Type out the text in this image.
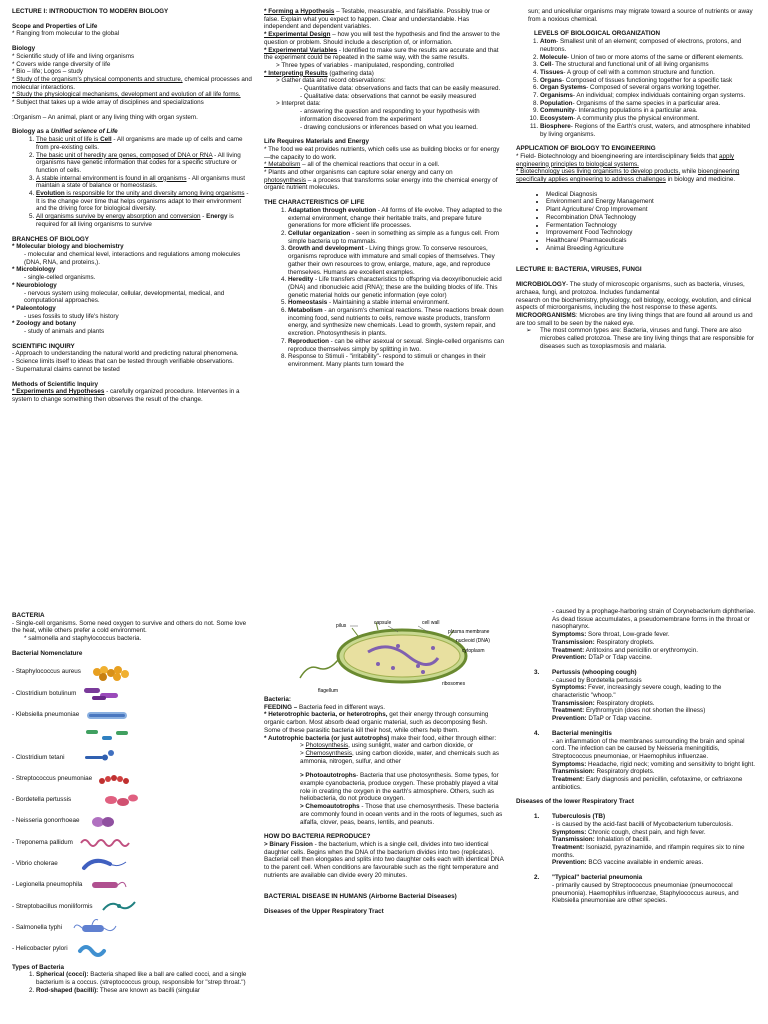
LECTURE I: INTRODUCTION TO MODERN BIOLOGY

Scope and Properties of Life

* Ranging from molecular to the global

Biology

* Scientific study of life and living organisms

* Covers wide range diversity of life

* Bio – life; Logos – study

* Study of the organism's physical components and structure, chemical processes and molecular interactions.

* Study the physiological mechanisms, development and evolution of all life forms.

* Subject that takes up a wide array of disciplines and specializations

:Organism – An animal, plant or any living thing with organ system.

Biology as a Unified science of Life

1. The basic unit of life is Cell - All organisms are made up of cells and came from pre-existing cells.
2. The basic unit of heredity are genes, composed of DNA or RNA - All living organisms have genetic information that codes for a specific structure or function of cells.
3. A stable internal environment is found in all organisms - All organisms must maintain a state of balance or homeostasis.
4. Evolution is responsible for the unity and diversity among living organisms - It is the change over time that helps organisms adapt to their environment and the driving force for biological diversity.
5. All organisms survive by energy absorption and conversion - Energy is required for all living organisms to survive

BRANCHES OF BIOLOGY

* Molecular biology and biochemistry

- molecular and chemical level, interactions and regulations among molecules (DNA, RNA, and proteins,).

* Microbiology

- single-celled organisms.

* Neurobiology

- nervous system using molecular, cellular, developmental, medical, and computational approaches.

* Paleontology

- uses fossils to study life's history

* Zoology and botany

- study of animals and plants

SCIENTIFIC INQUIRY

- Approach to understanding the natural world and predicting natural phenomena.

- Science limits itself to ideas that can be tested through verifiable observations.

- Supernatural claims cannot be tested

Methods of Scientific Inquiry

* Experiments and Hypotheses - carefully organized procedure. Interventes in a system to change something then observes the result of the change.

* Forming a Hypothesis – Testable, measurable, and falsifiable. Possibly true or false. Explain what you expect to happen. Clear and understandable. Has independent and dependent variables.

* Experimental Design – how you will test the hypothesis and find the answer to the question or problem. Should include a description of, or information.

* Experimental Variables - Identified to make sure the results are accurate and that the experiment could be repeated in the same way, with the same results.

> Three types of variables - manipulated, responding, controlled

* Interpreting Results (gathering data)

> Gather data and record observations:

- Quantitative data: observations and facts that can be easily measured.

- Qualitative data: observations that cannot be easily measured

> Interpret data:

- answering the question and responding to your hypothesis with information discovered from the experiment

- drawing conclusions or inferences based on what you learned.

Life Requires Materials and Energy

* The food we eat provides nutrients, which cells use as building blocks or for energy—the capacity to do work.

* Metabolism – all of the chemical reactions that occur in a cell.

* Plants and other organisms can capture solar energy and carry on

photosynthesis – a process that transforms solar energy into the chemical energy of organic nutrient molecules.

THE CHARACTERISTICS OF LIFE

1. Adaptation through evolution - All forms of life evolve. They adapted to the external environment, change their heritable traits, and prepare future generations for more efficient life processes.
2. Cellular organization - seen in something as simple as a fungus cell. From simple bacteria up to mammals.
3. Growth and development - Living things grow. To conserve resources, organisms reproduce with immature and small copies of themselves. They gather their own resources to grow, enlarge, mature, age, and reproduce themselves. Humans are excellent examples.
4. Heredity - Life transfers characteristics to offspring via deoxyribonucleic acid (DNA) and ribonucleic acid (RNA); these are the building blocks of life. This genetic material holds our genetic information (eye color)
5. Homeostasis - Maintaining a stable internal environment.
6. Metabolism - an organism's chemical reactions. These reactions break down incoming food, send nutrients to cells, remove waste products, transform energy, and synthesize new chemicals. Lead to growth, system repair, and excretion. Photosynthesis in plants.
7. Reproduction - can be either asexual or sexual. Single-celled organisms can reproduce themselves simply by splitting in two.
8. Response to Stimuli - "irritability"- respond to stimuli or changes in their environment. Many plants turn toward the

sun; and unicellular organisms may migrate toward a source of nutrients or away from a noxious chemical.

LEVELS OF BIOLOGICAL ORGANIZATION

1. Atom- Smallest unit of an element; composed of electrons, protons, and neutrons.
2. Molecule- Union of two or more atoms of the same or different elements.
3. Cell- The structural and functional unit of all living organisms
4. Tissues- A group of cell with a common structure and function.
5. Organs- Composed of tissues functioning together for a specific task
6. Organ Systems- Composed of several organs working together.
7. Organisms- An individual; complex individuals containing organ systems.
8. Population- Organisms of the same species in a particular area.
9. Community- Interacting populations in a particular area.
10. Ecosystem- A community plus the physical environment.
11. Biosphere- Regions of the Earth's crust, waters, and atmosphere inhabited by living organisms.

APPLICATION OF BIOLOGY TO ENGINEERING

* Field- Biotechnology and bioengineering are interdisciplinary fields that apply engineering principles to biological systems.

* Biotechnology uses living organisms to develop products, while bioengineering specifically applies engineering to address challenges in biology and medicine.

• Medical Diagnosis
• Environment and Energy Management
• Plant Agriculture/ Crop Improvement
• Recombination DNA Technology
• Fermentation Technology
• Improvement Food Technology
• Healthcare/ Pharmaceuticals
• Animal Breeding Agriculture

LECTURE II: BACTERIA, VIRUSES, FUNGI

MICROBIOLOGY- The study of microscopic organisms, such as bacteria, viruses, archaea, fungi, and protozoa. Includes fundamental

research on the biochemistry, physiology, cell biology, ecology, evolution, and clinical aspects of microorganisms, including the host response to these agents.

MICROORGANISMS: Microbes are tiny living things that are found all around us and are too small to be seen by the naked eye.

➢ The most common types are: Bacteria, viruses and fungi. There are also microbes called protozoa. These are tiny living things that are responsible for diseases such as toxoplasmosis and malaria.

BACTERIA

- Single-cell organisms. Some need oxygen to survive and others do not. Some love the heat, while others prefer a cold environment.

* salmonella and staphylococcus bacteria.

Bacterial Nomenclature

- Staphylococcus aureus
- Clostridium botulinum
- Klebsiella pneumoniae
- Clostridium tetani
- Streptococcus pneumoniae
- Bordetella pertussis
- Neisseria gonorrhoeae
- Treponema pallidum
- Vibrio cholerae
- Legionella pneumophila
- Streptobacillus moniliformis
- Salmonella typhi
- Helicobacter pylori

Types of Bacteria

1. Spherical (cocci): Bacteria shaped like a ball are called cocci, and a single bacterium is a coccus. (streptococcus group, responsible for "strep throat.")
2. Rod-shaped (bacilli): These are known as bacilli (singular
pilus	capsule	cell wall
plasma membrane
nucleoid (DNA)
cytoplasm
ribosomes
flagellum

Bacteria:

FEEDING – Bacteria feed in different ways.

* Heterotrophic bacteria, or heterotrophs, get their energy through consuming organic carbon. Most absorb dead organic material, such as decomposing flesh. Some of these parasitic bacteria kill their host, while others help them.

* Autotrophic bacteria (or just autotrophs) make their food, either through either:

> Photosynthesis, using sunlight, water and carbon dioxide, or

> Chemosynthesis, using carbon dioxide, water, and chemicals such as ammonia, nitrogen, sulfur, and other

> Photoautotrophs- Bacteria that use photosynthesis. Some types, for example cyanobacteria, produce oxygen. These probably played a vital role in creating the oxygen in the earth's atmosphere. Others, such as heliobacteria, do not produce oxygen.

> Chemoautotrophs - Those that use chemosynthesis. These bacteria are commonly found in ocean vents and in the roots of legumes, such as alfalfa, clover, peas, beans, lentils, and peanuts.

HOW DO BACTERIA REPRODUCE?

> Binary Fission - the bacterium, which is a single cell, divides into two identical daughter cells. Begins when the DNA of the bacterium divides into two (replicates). Bacterial cell then elongates and splits into two daughter cells each with identical DNA to the parent cell. When conditions are favourable such as the right temperature and nutrients are available can divide every 20 minutes.

BACTERIAL DISEASE IN HUMANS (Airborne Bacterial Diseases)

Diseases of the Upper Respiratory Tract

- caused by a prophage-harboring strain of Corynebacterium diphtheriae. As dead tissue accumulates, a pseudomembrane forms in the throat or nasopharynx.

Symptoms: Sore throat, Low-grade fever.

Transmission: Respiratory droplets.

Treatment: Antitoxins and penicillin or erythromycin.

Prevention: DTaP or Tdap vaccine.

3. Pertussis (whooping cough)

- caused by Bordetella pertussis

Symptoms: Fever, increasingly severe cough, leading to the characteristic "whoop."

Transmission: Respiratory droplets.

Treatment: Erythromycin (does not shorten the illness)

Prevention: DTaP or Tdap vaccine.

4. Bacterial meningitis

- an inflammation of the membranes surrounding the brain and spinal cord. The infection can be caused by Neisseria meningitidis, Streptococcus pneumoniae, or Haemophilus influenzae.

Symptoms: Headache, rigid neck; vomiting and sensitivity to bright light.

Transmission: Respiratory droplets.

Treatment: Early diagnosis and penicillin, cefotaxime, or ceftriaxone antibiotics.

Diseases of the lower Respiratory Tract

1. Tuberculosis (TB)

- is caused by the acid-fast bacilli of Mycobacterium tuberculosis.

Symptoms: Chronic cough, chest pain, and high fever.

Transmission: Inhalation of bacilli.

Treatment: Isoniazid, pyrazinamide, and rifampin requires six to nine months.

Prevention: BCG vaccine available in endemic areas.

2. "Typical" bacterial pneumonia

- primarily caused by Streptococcus pneumoniae (pneumococcal pneumonia). Haemophilus influenzae, Staphylococcus aureus, and Klebsiella pneumoniae are other species.
